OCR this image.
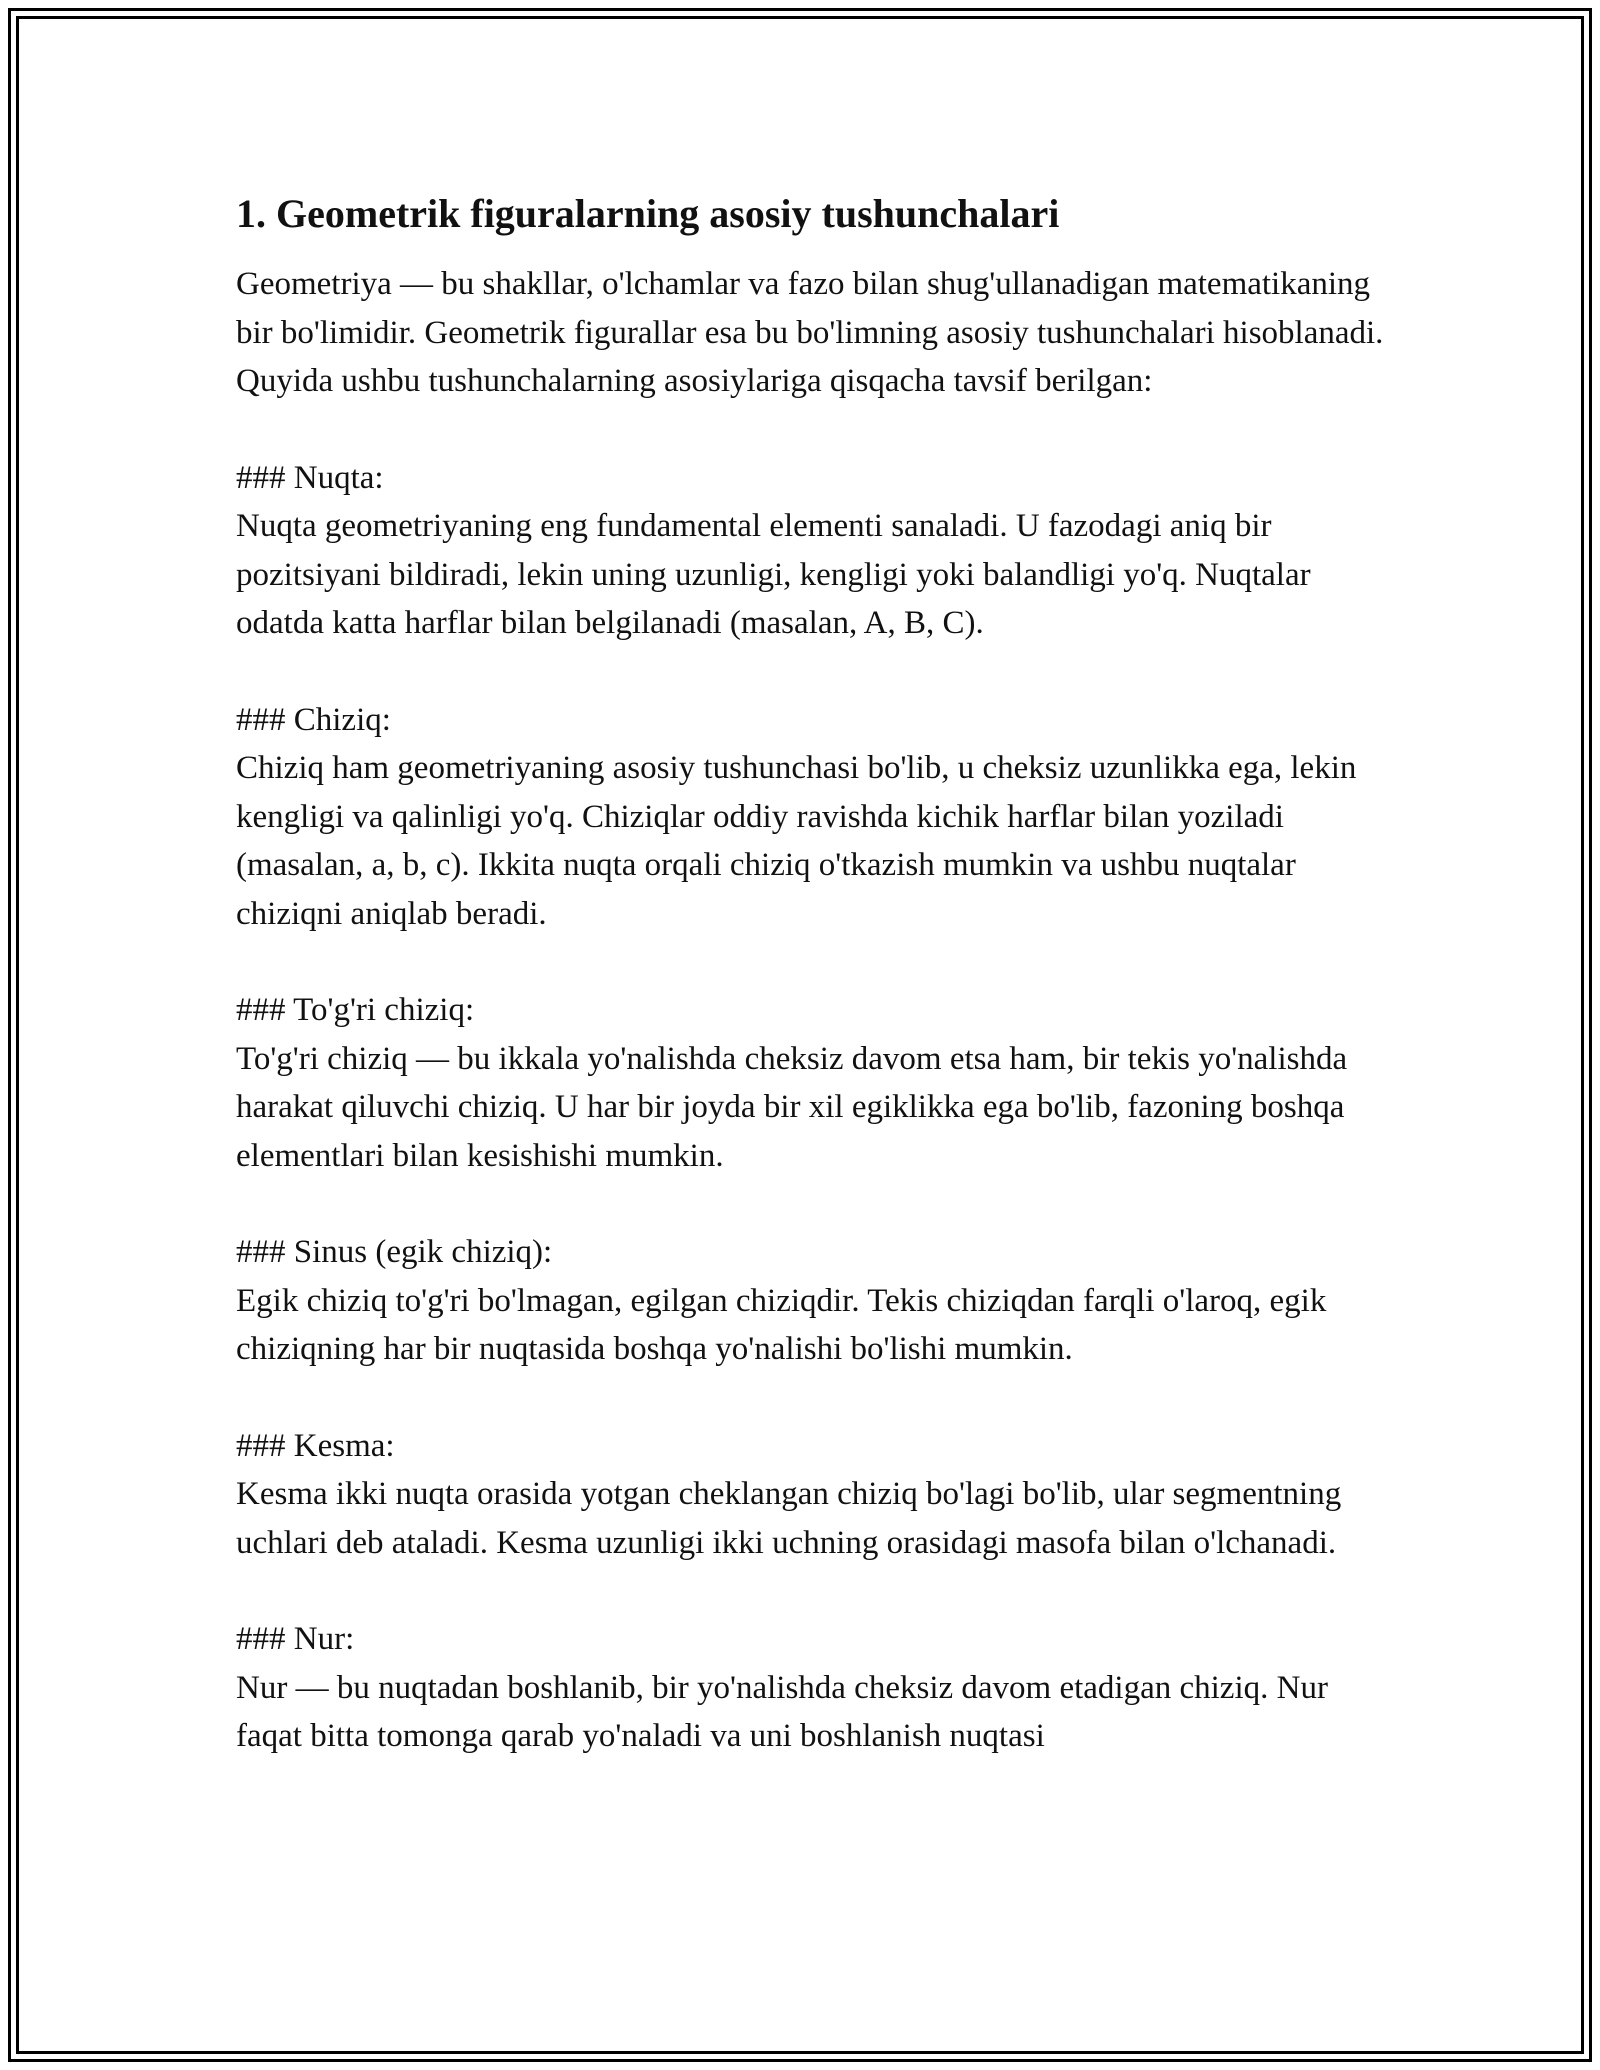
1. Geometrik figuralarning asosiy tushunchalari

Geometriya — bu shakllar, o'lchamlar va fazo bilan shug'ullanadigan matematikaning bir bo'limidir. Geometrik figurallar esa bu bo'limning asosiy tushunchalari hisoblanadi. Quyida ushbu tushunchalarning asosiylariga qisqacha tavsif berilgan:

### Nuqta:

Nuqta geometriyaning eng fundamental elementi sanaladi. U fazodagi aniq bir pozitsiyani bildiradi, lekin uning uzunligi, kengligi yoki balandligi yo'q. Nuqtalar odatda katta harflar bilan belgilanadi (masalan, A, B, C).

### Chiziq:

Chiziq ham geometriyaning asosiy tushunchasi bo'lib, u cheksiz uzunlikka ega, lekin kengligi va qalinligi yo'q. Chiziqlar oddiy ravishda kichik harflar bilan yoziladi (masalan, a, b, c). Ikkita nuqta orqali chiziq o'tkazish mumkin va ushbu nuqtalar chiziqni aniqlab beradi.

### To'g'ri chiziq:

To'g'ri chiziq — bu ikkala yo'nalishda cheksiz davom etsa ham, bir tekis yo'nalishda harakat qiluvchi chiziq. U har bir joyda bir xil egiklikka ega bo'lib, fazoning boshqa elementlari bilan kesishishi mumkin.

### Sinus (egik chiziq):

Egik chiziq to'g'ri bo'lmagan, egilgan chiziqdir. Tekis chiziqdan farqli o'laroq, egik chiziqning har bir nuqtasida boshqa yo'nalishi bo'lishi mumkin.

### Kesma:

Kesma ikki nuqta orasida yotgan cheklangan chiziq bo'lagi bo'lib, ular segmentning uchlari deb ataladi. Kesma uzunligi ikki uchning orasidagi masofa bilan o'lchanadi.

### Nur:

Nur — bu nuqtadan boshlanib, bir yo'nalishda cheksiz davom etadigan chiziq. Nur faqat bitta tomonga qarab yo'naladi va uni boshlanish nuqtasi
